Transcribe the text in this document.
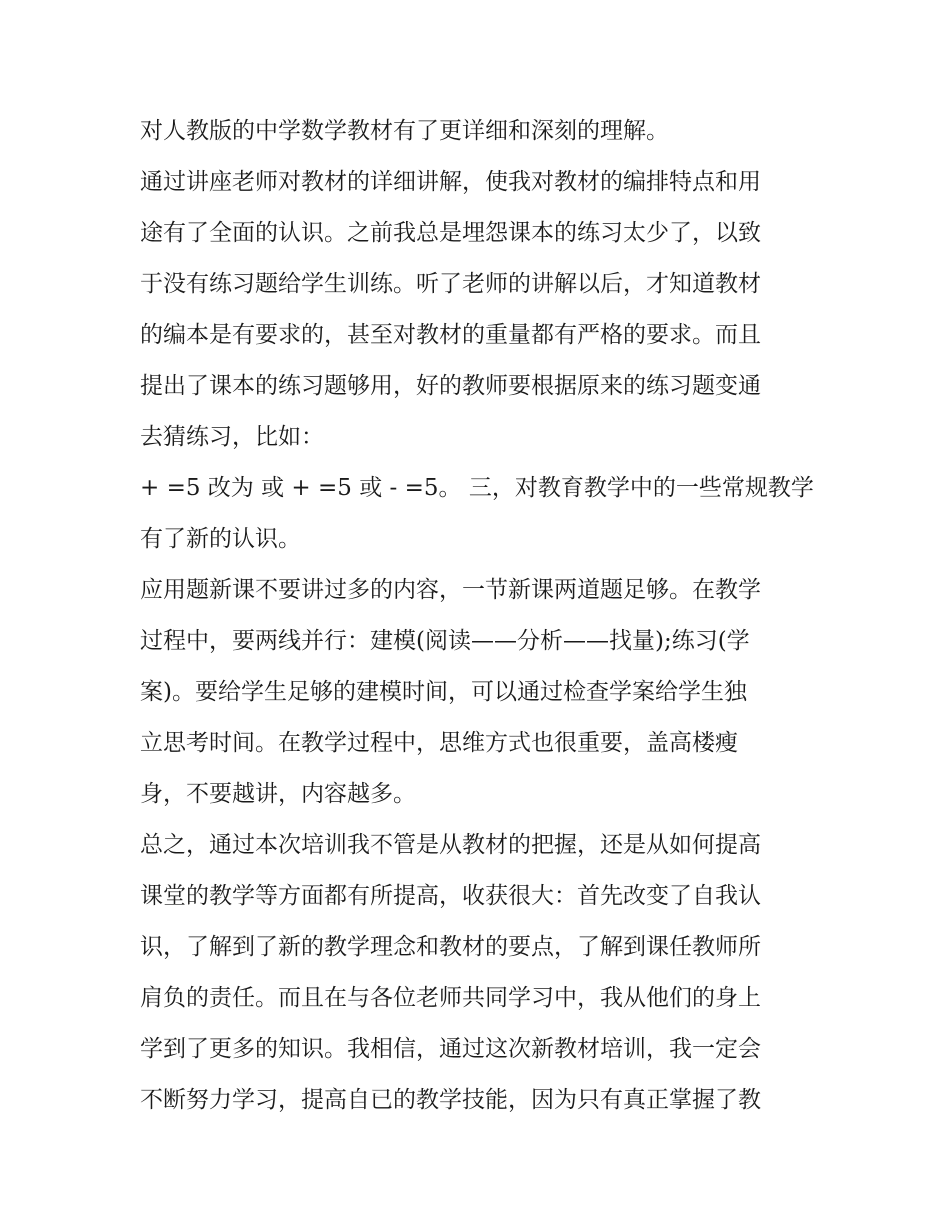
对人教版的中学数学教材有了更详细和深刻的理解。
通过讲座老师对教材的详细讲解，使我对教材的编排特点和用
途有了全面的认识。之前我总是埋怨课本的练习太少了，以致
于没有练习题给学生训练。听了老师的讲解以后，才知道教材
的编本是有要求的，甚至对教材的重量都有严格的要求。而且
提出了课本的练习题够用，好的教师要根据原来的练习题变通
去猜练习，比如：
+ =5 改为 或 + =5 或 - =5。 三，对教育教学中的一些常规教学
有了新的认识。
应用题新课不要讲过多的内容，一节新课两道题足够。在教学
过程中，要两线并行：建模(阅读——分析——找量);练习(学
案)。要给学生足够的建模时间，可以通过检查学案给学生独
立思考时间。在教学过程中，思维方式也很重要，盖高楼瘦
身，不要越讲，内容越多。
总之，通过本次培训我不管是从教材的把握，还是从如何提高
课堂的教学等方面都有所提高，收获很大：首先改变了自我认
识，了解到了新的教学理念和教材的要点，了解到课任教师所
肩负的责任。而且在与各位老师共同学习中，我从他们的身上
学到了更多的知识。我相信，通过这次新教材培训，我一定会
不断努力学习，提高自已的教学技能，因为只有真正掌握了教
